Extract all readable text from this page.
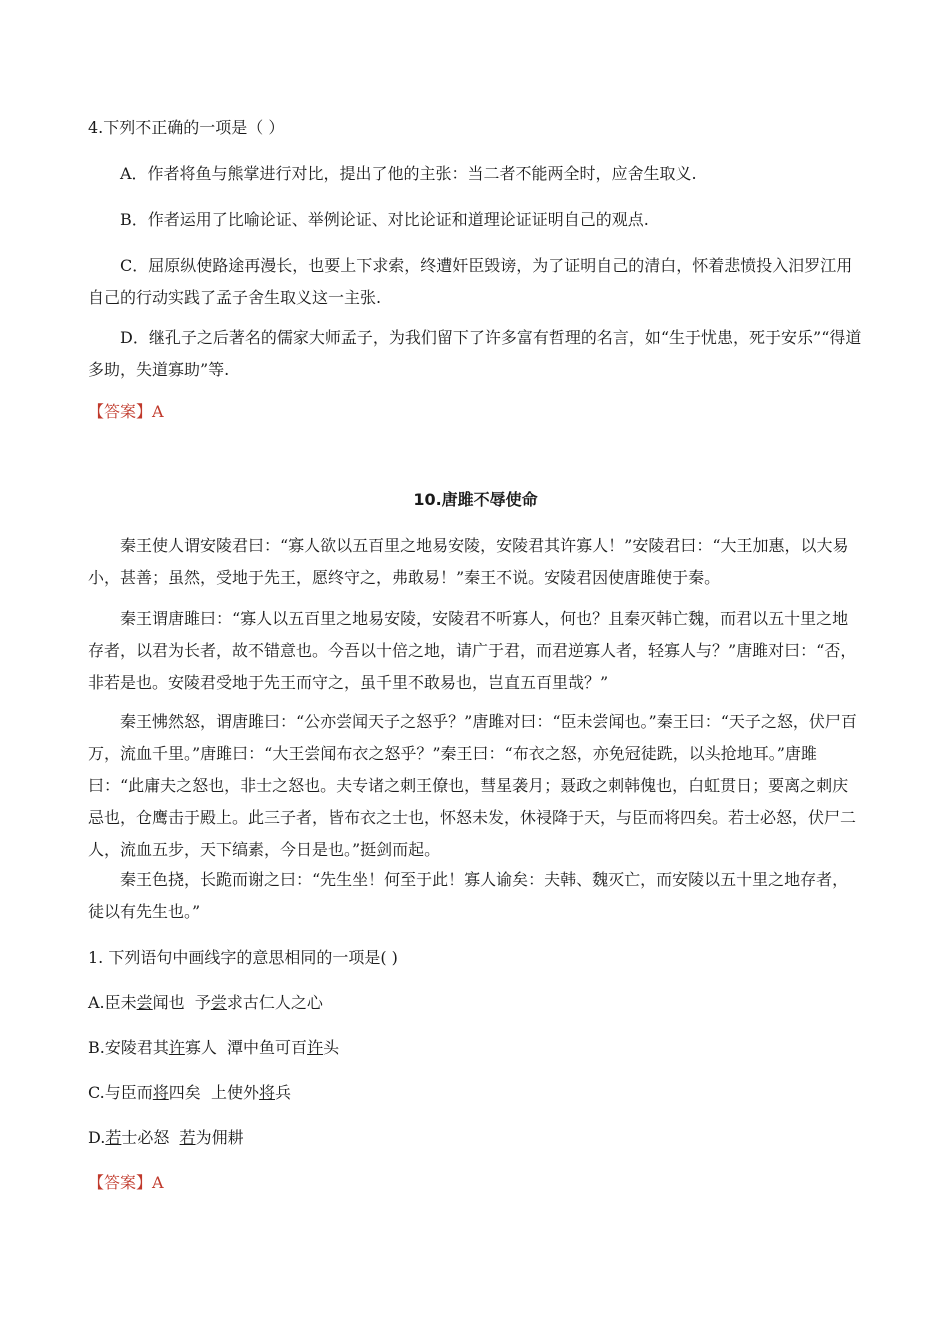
4.下列不正确的一项是（ ）
A．作者将鱼与熊掌进行对比，提出了他的主张：当二者不能两全时，应舍生取义.
B．作者运用了比喻论证、举例论证、对比论证和道理论证证明自己的观点.
C．屈原纵使路途再漫长，也要上下求索，终遭奸臣毁谤，为了证明自己的清白，怀着悲愤投入汨罗江用自己的行动实践了孟子舍生取义这一主张.
D．继孔子之后著名的儒家大师孟子，为我们留下了许多富有哲理的名言，如“生于忧患，死于安乐”“得道多助，失道寡助”等.
【答案】A
10.唐雎不辱使命
秦王使人谓安陵君曰：“寡人欲以五百里之地易安陵，安陵君其许寡人！”安陵君曰：“大王加惠，以大易小，甚善；虽然，受地于先王，愿终守之，弗敢易！”秦王不说。安陵君因使唐雎使于秦。
秦王谓唐雎曰：“寡人以五百里之地易安陵，安陵君不听寡人，何也？且秦灭韩亡魏，而君以五十里之地存者，以君为长者，故不错意也。今吾以十倍之地，请广于君，而君逆寡人者，轻寡人与？”唐雎对曰：“否，非若是也。安陵君受地于先王而守之，虽千里不敢易也，岂直五百里哉？”
秦王怫然怒，谓唐雎曰：“公亦尝闻天子之怒乎？”唐雎对曰：“臣未尝闻也。”秦王曰：“天子之怒，伏尸百万，流血千里。”唐雎曰：“大王尝闻布衣之怒乎？”秦王曰：“布衣之怒，亦免冠徒跣，以头抢地耳。”唐雎曰：“此庸夫之怒也，非士之怒也。夫专诸之刺王僚也，彗星袭月；聂政之刺韩傀也，白虹贯日；要离之刺庆忌也，仓鹰击于殿上。此三子者，皆布衣之士也，怀怒未发，休祲降于天，与臣而将四矣。若士必怒，伏尸二人，流血五步，天下缟素，今日是也。”挺剑而起。
秦王色挠，长跪而谢之曰：“先生坐！何至于此！寡人谕矣：夫韩、魏灭亡，而安陵以五十里之地存者，徒以有先生也。”
1. 下列语句中画线字的意思相同的一项是( )
A.臣未尝闻也  予尝求古仁人之心
B.安陵君其许寡人  潭中鱼可百许头
C.与臣而将四矣  上使外将兵
D.若士必怒  若为佣耕
【答案】A
